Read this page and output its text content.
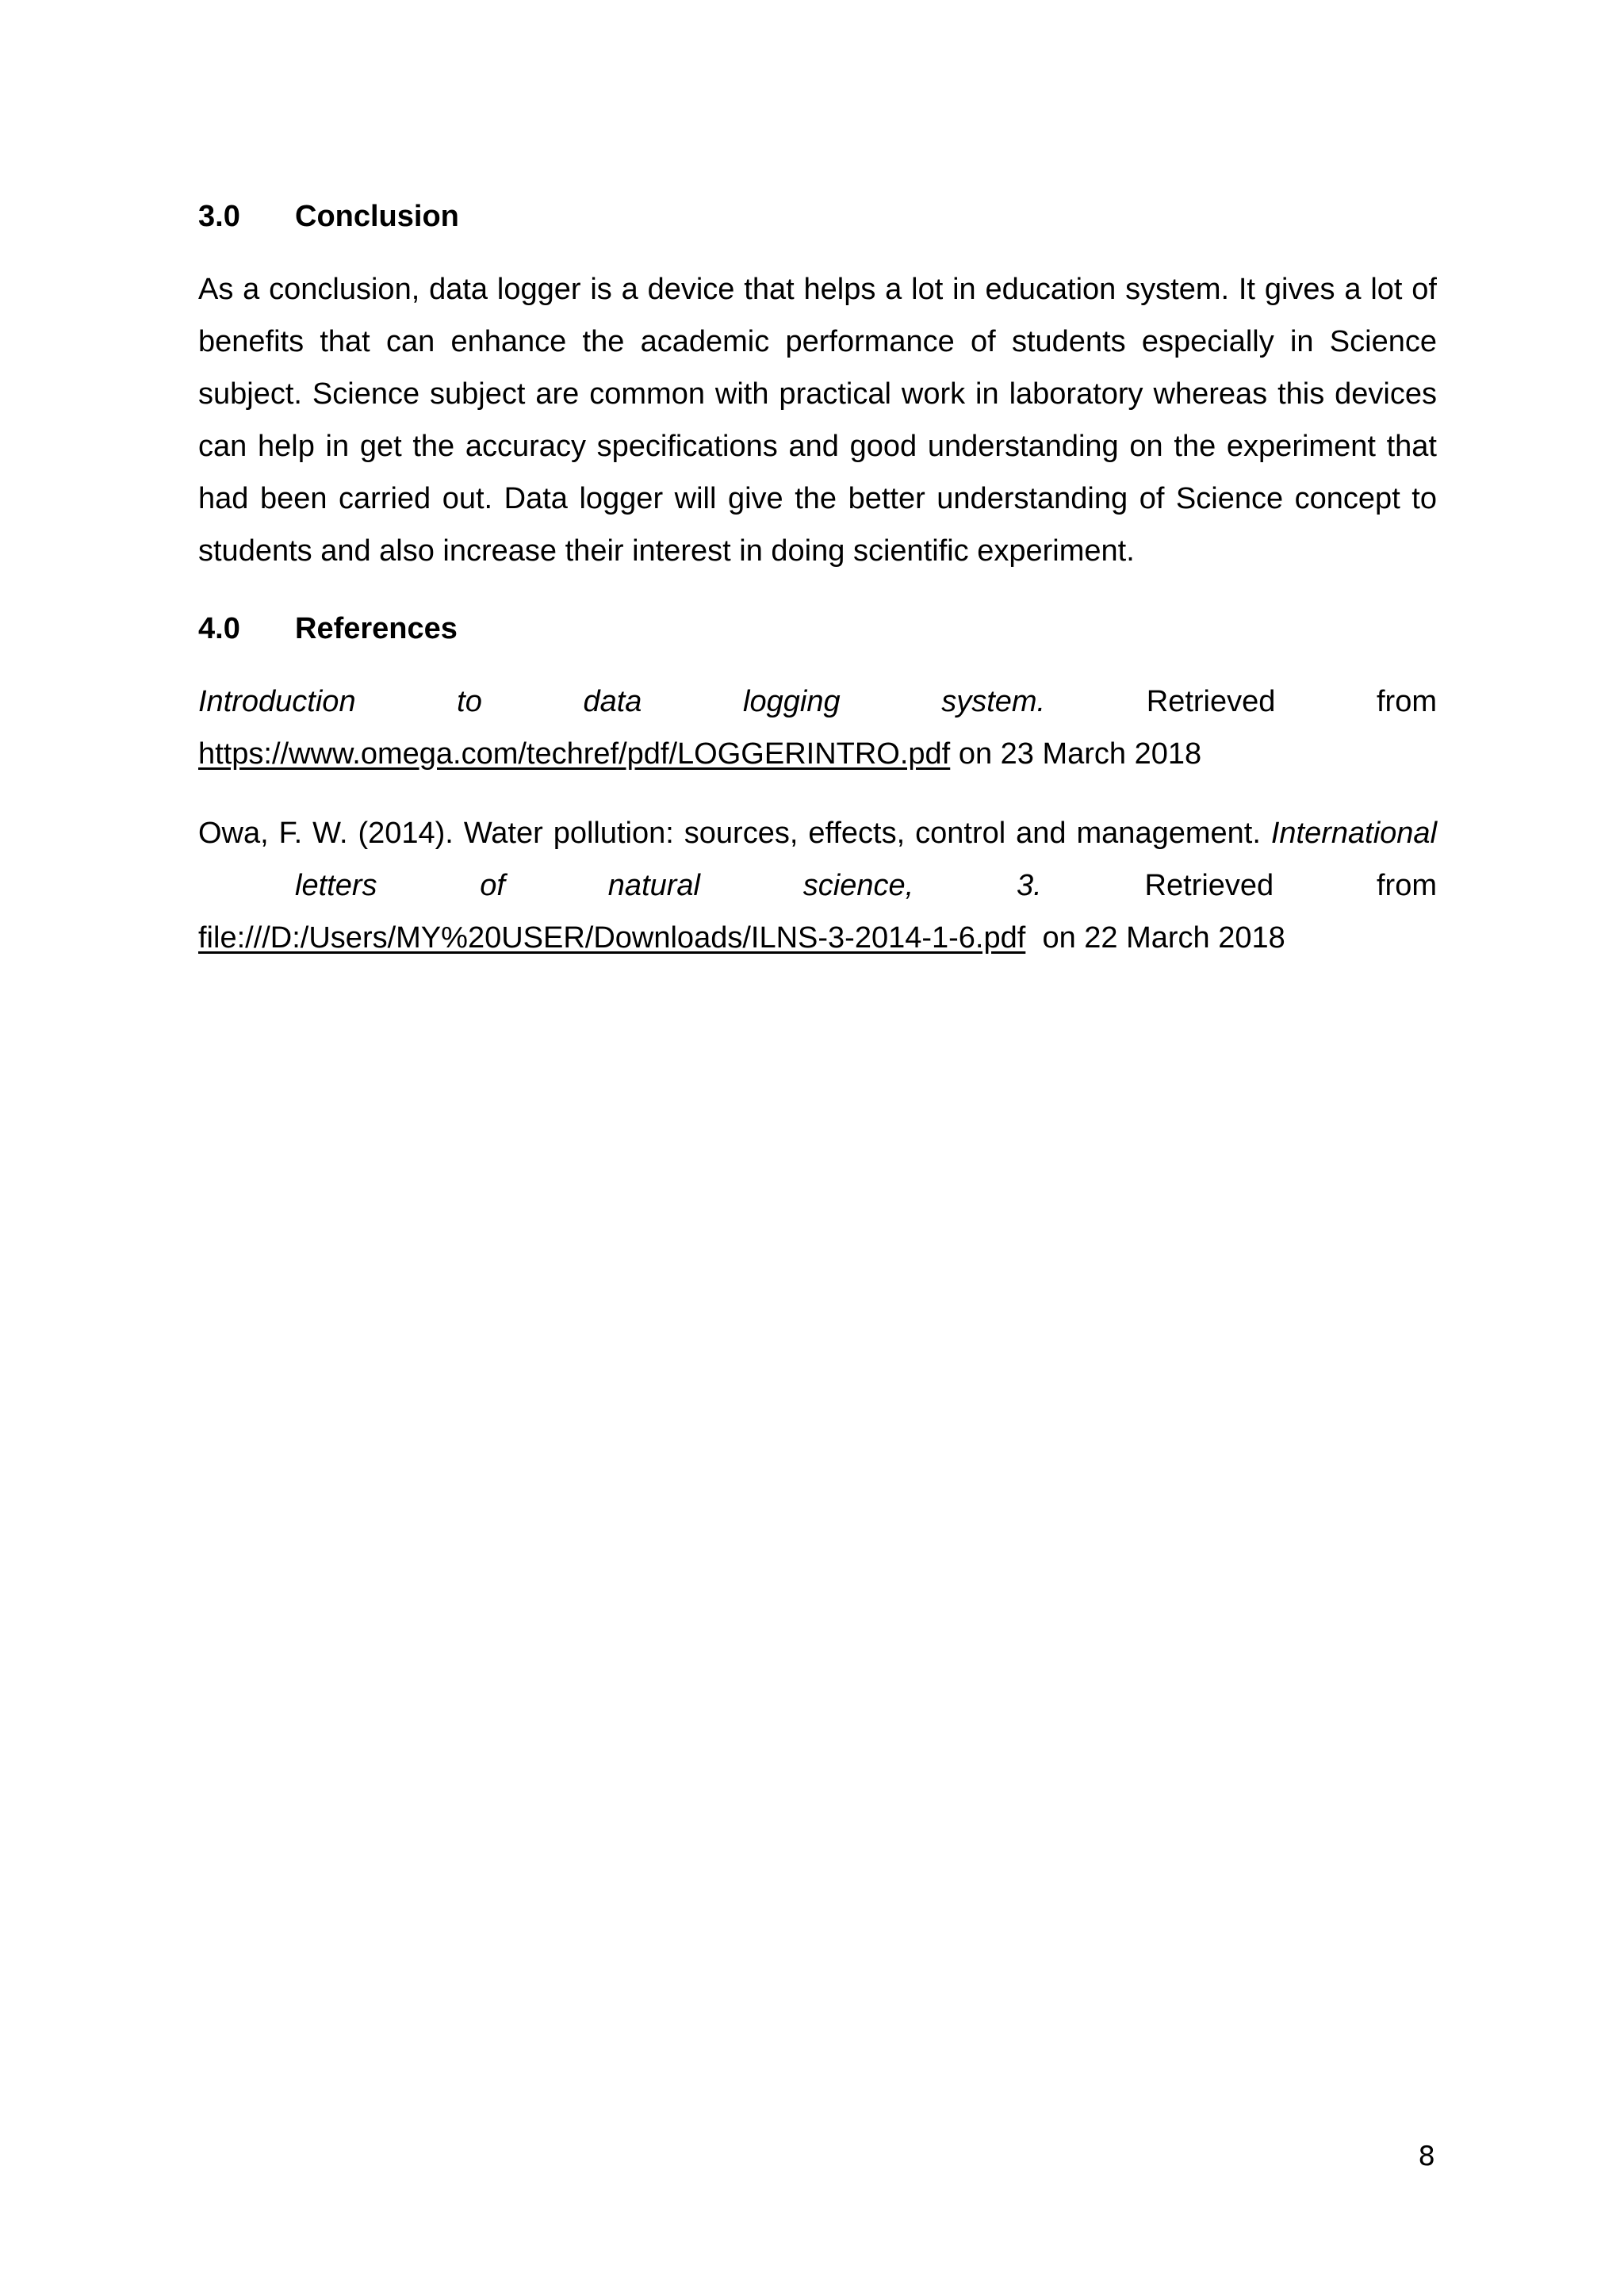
3.0	Conclusion

As a conclusion, data logger is a device that helps a lot in education system. It gives a lot of benefits that can enhance the academic performance of students especially in Science subject. Science subject are common with practical work in laboratory whereas this devices can help in get the accuracy specifications and good understanding on the experiment that had been carried out. Data logger will give the better understanding of Science concept to students and also increase their interest in doing scientific experiment.

4.0	References
Introduction to data logging system.	Retrieved from
https://www.omega.com/techref/pdf/LOGGERINTRO.pdf on 23 March 2018
Owa, F. W. (2014). Water pollution: sources, effects, control and management. International letters of natural science, 3.	Retrieved from
file:///D:/Users/MY%20USER/Downloads/ILNS-3-2014-1-6.pdf on 22 March 2018
8
